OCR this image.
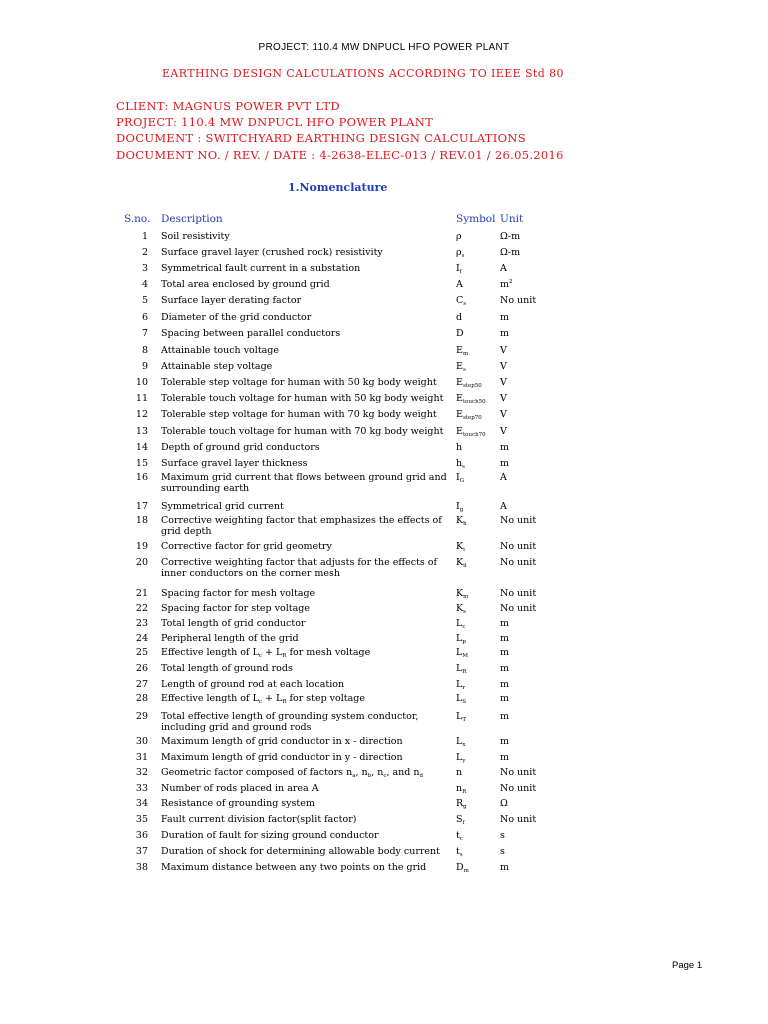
PROJECT: 110.4 MW DNPUCL HFO POWER PLANT
EARTHING DESIGN CALCULATIONS ACCORDING TO IEEE Std 80
CLIENT: MAGNUS POWER PVT LTD
PROJECT: 110.4 MW DNPUCL HFO POWER PLANT
DOCUMENT : SWITCHYARD EARTHING DESIGN CALCULATIONS
DOCUMENT NO. / REV. / DATE : 4-2638-ELEC-013 / REV.01 / 26.05.2016
1.Nomenclature
S.no. Description	Symbol Unit
1 Soil resistivity	ρ	Ω-m
2 Surface gravel layer (crushed rock) resistivity	$\rho_s$	Ω-m
3 Symmetrical fault current in a substation	$I_f$	A
4 Total area enclosed by ground grid	A	$m^2$
5 Surface layer derating factor	$C_s$	No unit
6 Diameter of the grid conductor	d	m
7 Spacing between parallel conductors	D	m
8 Attainable touch voltage	$E_m$	V
9 Attainable step voltage	$E_s$	V
10 Tolerable step voltage for human with 50 kg body weight	$E_{step50}$ V
11 Tolerable touch voltage for human with 50 kg body weight	$E_{touch50}$ V
12 Tolerable step voltage for human with 70 kg body weight	$E_{step70}$ V
13 Tolerable touch voltage for human with 70 kg body weight	$E_{touch70}$ V
14 Depth of ground grid conductors	h	m
15 Surface gravel layer thickness	$h_s$	m
16 Maximum grid current that flows between ground grid and surrounding earth
$I_G$	A
17 Symmetrical grid current	$I_g$	A
18 Corrective weighting factor that emphasizes the effects of grid depth
$K_h$	No unit
19 Corrective factor for grid geometry	$K_i$	No unit
20 Corrective weighting factor that adjusts for the effects of inner conductors on the corner mesh
$K_{ii}$	No unit
21 Spacing factor for mesh voltage	$K_m$	No unit
22 Spacing factor for step voltage	$K_s$	No unit
23 Total length of grid conductor	$L_c$	m
24 Peripheral length of the grid	$L_p$	m
25 Effective length of $L_c + L_R$ for mesh voltage	$L_M$	m
26 Total length of ground rods	$L_R$	m
27 Length of ground rod at each location	$L_r$	m
28 Effective length of $L_c + L_R$ for step voltage	$L_S$	m
29 Total effective length of grounding system conductor, including grid and ground rods
$L_T$	m
30 Maximum length of grid conductor in x - direction	$L_x$	m
31 Maximum length of grid conductor in y - direction	$L_y$	m
32 Geometric factor composed of factors $n_a$, $n_b$, $n_c$, and $n_d$	n	No unit
33 Number of rods placed in area A	$n_R$	No unit
34 Resistance of grounding system	$R_g$	Ω
35 Fault current division factor(split factor)	$S_f$	No unit
36 Duration of fault for sizing ground conductor	$t_c$	s
37 Duration of shock for determining allowable body current	$t_s$	s
38 Maximum distance between any two points on the grid	$D_m$	m
Page 1
